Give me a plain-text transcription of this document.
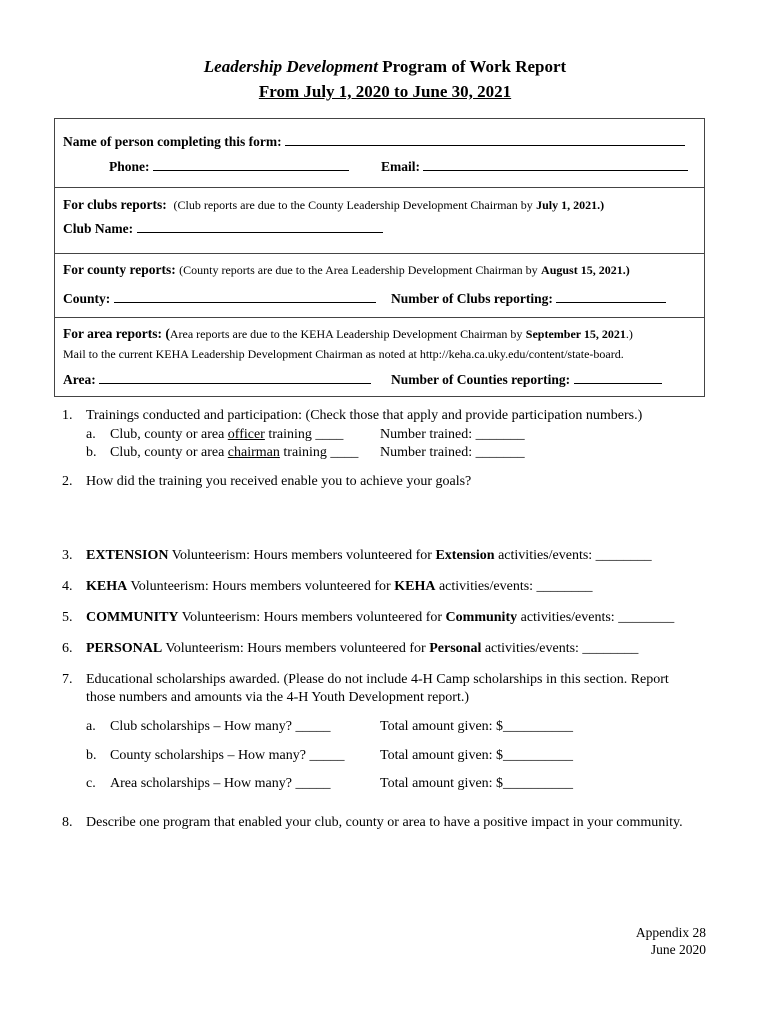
Leadership Development Program of Work Report
From July 1, 2020 to June 30, 2021
Name of person completing this form:
Phone:	Email:
For clubs reports: (Club reports are due to the County Leadership Development Chairman by July 1, 2021.)
Club Name:
For county reports: (County reports are due to the Area Leadership Development Chairman by August 15, 2021.)
County:	Number of Clubs reporting:
For area reports: (Area reports are due to the KEHA Leadership Development Chairman by September 15, 2021.)
Mail to the current KEHA Leadership Development Chairman as noted at http://keha.ca.uky.edu/content/state-board.
Area:	Number of Counties reporting:
1. Trainings conducted and participation: (Check those that apply and provide participation numbers.)
a. Club, county or area officer training ____	Number trained: _______
b. Club, county or area chairman training ____ Number trained: _______
2. How did the training you received enable you to achieve your goals?
3. EXTENSION Volunteerism: Hours members volunteered for Extension activities/events: ________
4. KEHA Volunteerism: Hours members volunteered for KEHA activities/events: ________
5. COMMUNITY Volunteerism: Hours members volunteered for Community activities/events: ________
6. PERSONAL Volunteerism: Hours members volunteered for Personal activities/events: ________
7. Educational scholarships awarded. (Please do not include 4-H Camp scholarships in this section. Report
those numbers and amounts via the 4-H Youth Development report.)
a. Club scholarships – How many? _____	Total amount given: $__________
b. County scholarships – How many? _____	Total amount given: $__________
c. Area scholarships – How many? _____	Total amount given: $__________
8. Describe one program that enabled your club, county or area to have a positive impact in your community.
Appendix 28
June 2020
